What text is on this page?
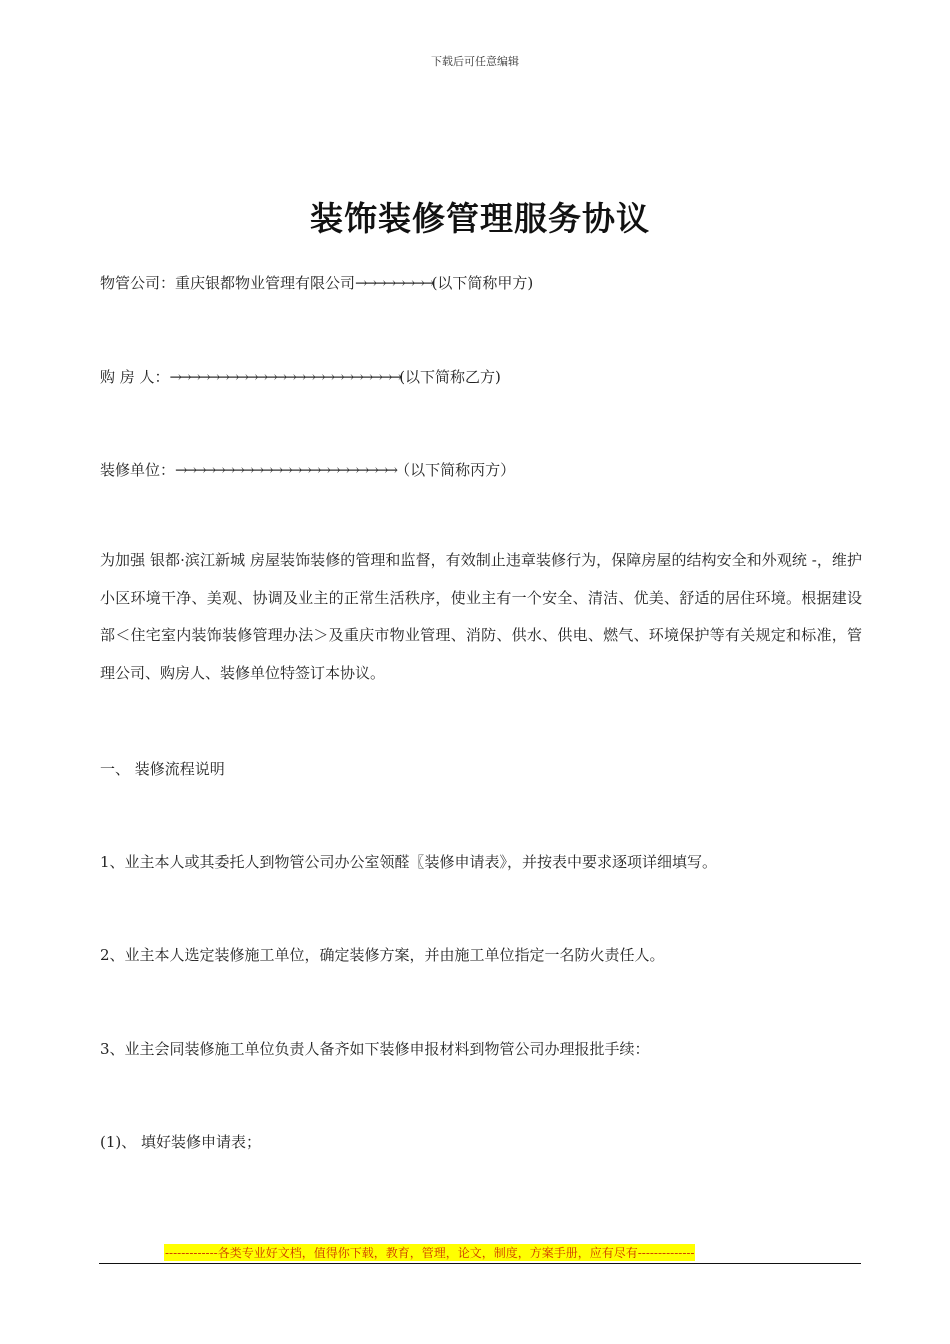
下载后可任意编辑
装饰装修管理服务协议
物管公司：重庆银都物业管理有限公司→→→→→→→→(以下简称甲方)
购 房 人：→→→→→→→→→→→→→→→→→→→→→→→→(以下简称乙方)
装修单位：→→→→→→→→→→→→→→→→→→→→→→→（以下简称丙方）
为加强 银都·滨江新城 房屋装饰装修的管理和监督，有效制止违章装修行为，保障房屋的结构安全和外观统 -，维护小区环境干净、美观、协调及业主的正常生活秩序，使业主有一个安全、清洁、优美、舒适的居住环境。根据建设部＜住宅室内装饰装修管理办法＞及重庆市物业管理、消防、供水、供电、燃气、环境保护等有关规定和标准，管理公司、购房人、装修单位特签订本协议。
一、 装修流程说明
1、业主本人或其委托人到物管公司办公室领醛〖装修申请表》，并按表中要求逐项详细填写。
2、业主本人选定装修施工单位，确定装修方案，并由施工单位指定一名防火责任人。
3、业主会同装修施工单位负责人备齐如下装修申报材料到物管公司办理报批手续：
(1)、 填好装修申请表；
-------------各类专业好文档，值得你下载，教育，管理，论文，制度，方案手册，应有尽有--------------
